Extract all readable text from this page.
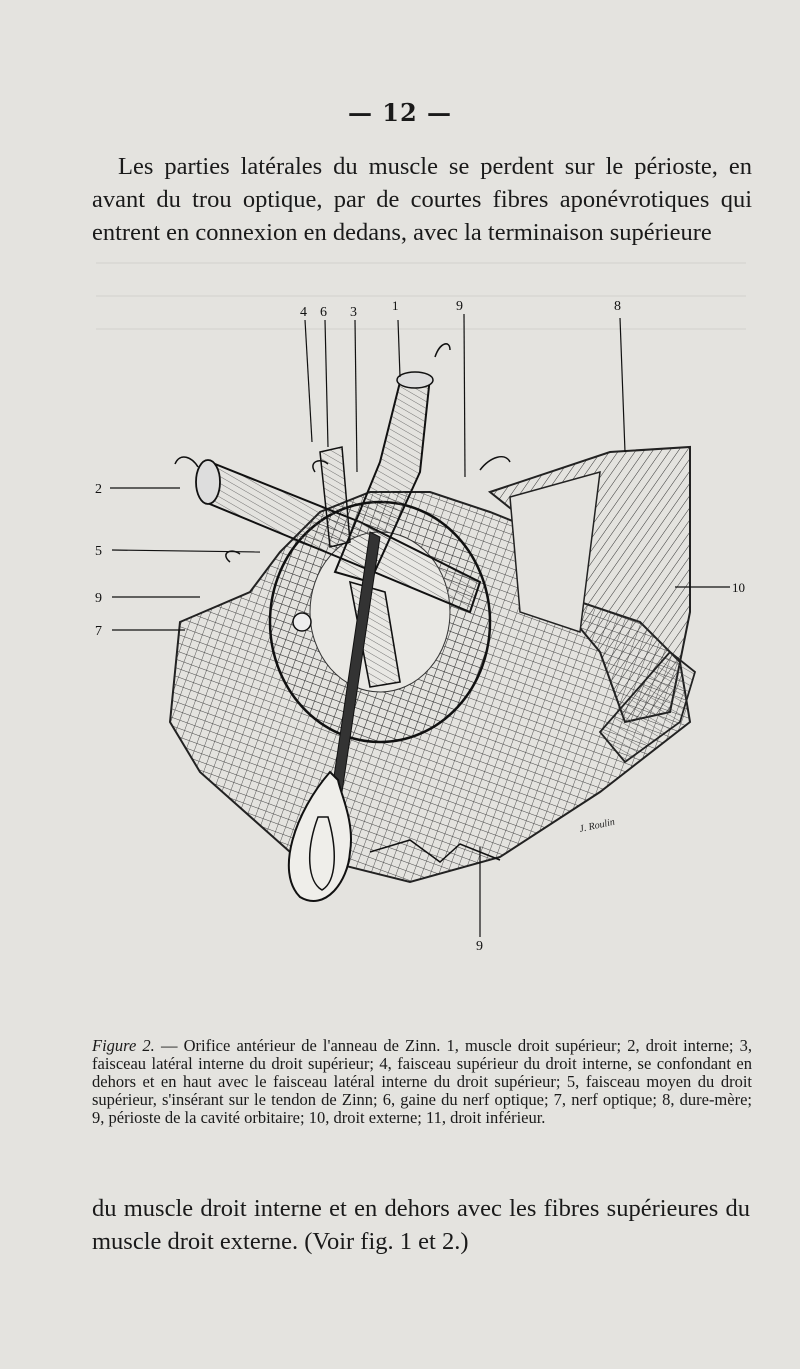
— 12 —

Les parties latérales du muscle se perdent sur le périoste, en avant du trou optique, par de courtes fibres aponévrotiques qui entrent en connexion en dedans, avec la terminaison supérieure

4 6 3	1	9	8
2
5
9
7
10
9
J. Roulin

Figure 2. — Orifice antérieur de l'anneau de Zinn. 1, muscle droit supérieur; 2, droit interne; 3, faisceau latéral interne du droit supérieur; 4, faisceau supérieur du droit interne, se confondant en dehors et en haut avec le faisceau latéral interne du droit supérieur; 5, faisceau moyen du droit supérieur, s'insérant sur le tendon de Zinn; 6, gaine du nerf optique; 7, nerf optique; 8, dure-mère; 9, périoste de la cavité orbitaire; 10, droit externe; 11, droit inférieur.

du muscle droit interne et en dehors avec les fibres supérieures du muscle droit externe. (Voir fig. 1 et 2.)
